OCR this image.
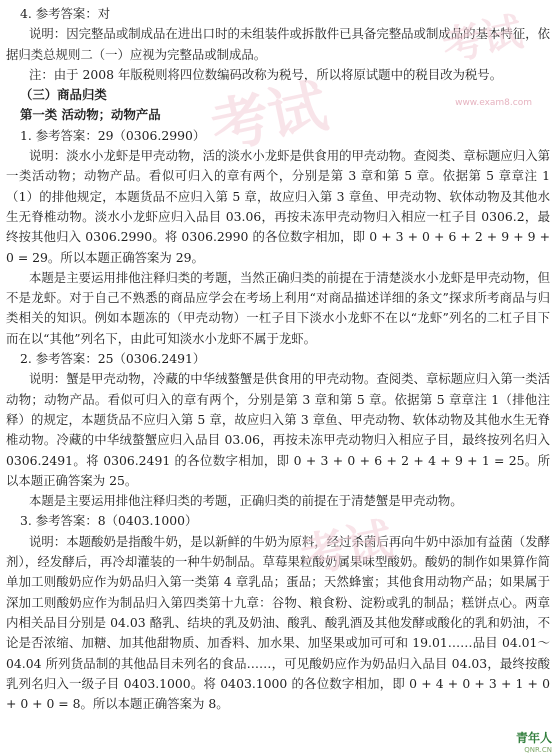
4. 参考答案：对

说明：因完整品或制成品在进出口时的未组装件或拆散件已具备完整品或制成品的基本特征，依据归类总规则二（一）应视为完整品或制成品。

注：由于 2008 年版税则将四位数编码改称为税号，所以将原试题中的税目改为税号。

（三）商品归类

第一类 活动物；动物产品

1. 参考答案：29（0306.2990）

说明：淡水小龙虾是甲壳动物，活的淡水小龙虾是供食用的甲壳动物。查阅类、章标题应归入第一类活动物；动物产品。看似可归入的章有两个，分别是第 3 章和第 5 章。依据第 5 章章注 1（1）的排他规定，本题货品不应归入第 5 章，故应归入第 3 章鱼、甲壳动物、软体动物及其他水生无脊椎动物。淡水小龙虾应归入品目 03.06，再按未冻甲壳动物归入相应一杠子目 0306.2，最终按其他归入 0306.2990。将 0306.2990 的各位数字相加，即 0 + 3 + 0 + 6 + 2 + 9 + 9 + 0 = 29。所以本题正确答案为 29。

本题是主要运用排他注释归类的考题，当然正确归类的前提在于清楚淡水小龙虾是甲壳动物，但不是龙虾。对于自己不熟悉的商品应学会在考场上利用“对商品描述详细的条文”探求所考商品与归类相关的知识。例如本题冻的（甲壳动物）一杠子目下淡水小龙虾不在以“龙虾”列名的二杠子目下而在以“其他”列名下，由此可知淡水小龙虾不属于龙虾。

2. 参考答案：25（0306.2491）

说明：蟹是甲壳动物，冷藏的中华绒螯蟹是供食用的甲壳动物。查阅类、章标题应归入第一类活动物；动物产品。看似可归入的章有两个，分别是第 3 章和第 5 章。依据第 5 章章注 1（排他注释）的规定，本题货品不应归入第 5 章，故应归入第 3 章鱼、甲壳动物、软体动物及其他水生无脊椎动物。冷藏的中华绒螯蟹应归入品目 03.06，再按未冻甲壳动物归入相应子目，最终按列名归入 0306.2491。将 0306.2491 的各位数字相加，即 0 + 3 + 0 + 6 + 2 + 4 + 9 + 1 = 25。所以本题正确答案为 25。

本题是主要运用排他注释归类的考题，正确归类的前提在于清楚蟹是甲壳动物。

3. 参考答案：8（0403.1000）

说明：本题酸奶是指酸牛奶，是以新鲜的牛奶为原料，经过杀菌后再向牛奶中添加有益菌（发酵剂），经发酵后，再冷却灌装的一种牛奶制品。草莓果粒酸奶属果味型酸奶。酸奶的制作如果算作简单加工则酸奶应作为奶品归入第一类第 4 章乳品；蛋品；天然蜂蜜；其他食用动物产品；如果属于深加工则酸奶应作为制品归入第四类第十九章：谷物、粮食粉、淀粉或乳的制品；糕饼点心。两章内相关品目分别是 04.03 酪乳、结块的乳及奶油、酸乳、酸乳酒及其他发酵或酸化的乳和奶油，不论是否浓缩、加糖、加其他甜物质、加香料、加水果、加坚果或加可可和 19.01……品目 04.01～04.04 所列货品制的其他品目未列名的食品……，可见酸奶应作为奶品归入品目 04.03，最终按酸乳列名归入一级子目 0403.1000。将 0403.1000 的各位数字相加，即 0 + 4 + 0 + 3 + 1 + 0 + 0 + 0 = 8。所以本题正确答案为 8。

考试
考试
考试
www.exam8.com
青年人
QNR.CN
